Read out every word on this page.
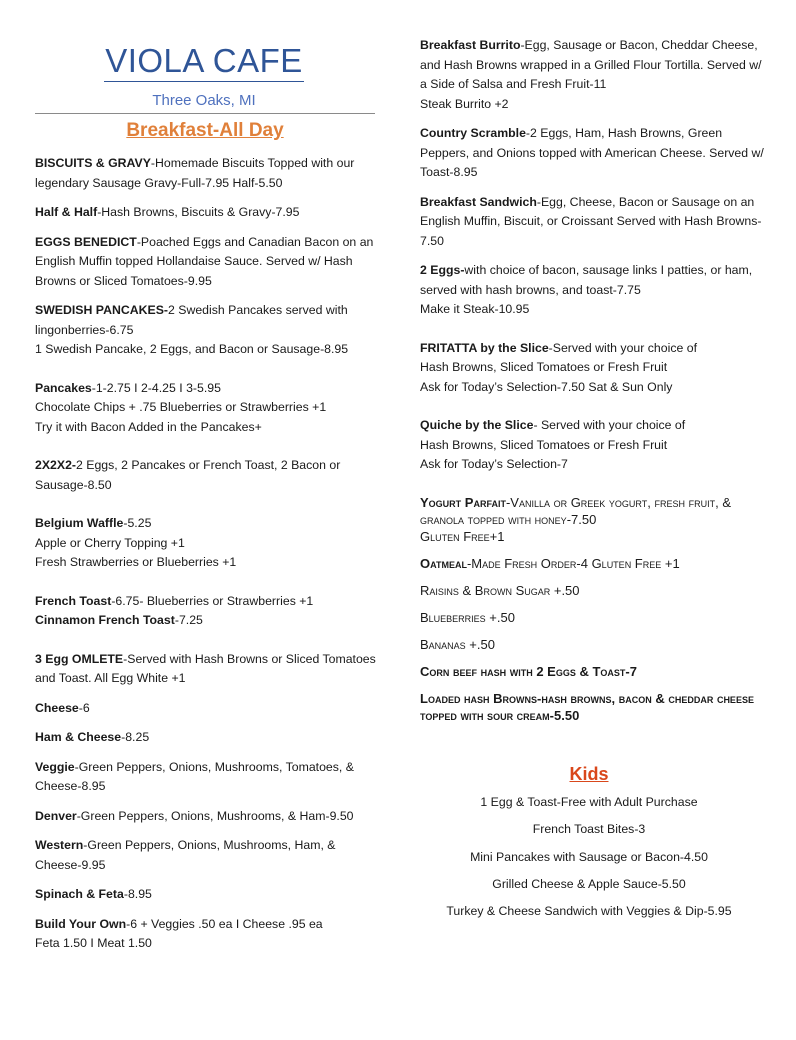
VIOLA CAFE
Three Oaks, MI
Breakfast-All Day
BISCUITS & GRAVY-Homemade Biscuits Topped with our legendary Sausage Gravy-Full-7.95 Half-5.50
Half & Half-Hash Browns, Biscuits & Gravy-7.95
EGGS BENEDICT-Poached Eggs and Canadian Bacon on an English Muffin topped Hollandaise Sauce. Served w/ Hash Browns or Sliced Tomatoes-9.95
SWEDISH PANCAKES-2 Swedish Pancakes served with lingonberries-6.75
1 Swedish Pancake, 2 Eggs, and Bacon or Sausage-8.95
Pancakes-1-2.75 I 2-4.25 I 3-5.95
Chocolate Chips + .75 Blueberries or Strawberries +1
Try it with Bacon Added in the Pancakes+
2X2X2-2 Eggs, 2 Pancakes or French Toast, 2 Bacon or Sausage-8.50
Belgium Waffle-5.25
Apple or Cherry Topping +1
Fresh Strawberries or Blueberries +1
French Toast-6.75- Blueberries or Strawberries +1
Cinnamon French Toast-7.25
3 Egg OMLETE-Served with Hash Browns or Sliced Tomatoes and Toast. All Egg White +1
Cheese-6
Ham & Cheese-8.25
Veggie-Green Peppers, Onions, Mushrooms, Tomatoes, & Cheese-8.95
Denver-Green Peppers, Onions, Mushrooms, & Ham-9.50
Western-Green Peppers, Onions, Mushrooms, Ham, & Cheese-9.95
Spinach & Feta-8.95
Build Your Own-6 + Veggies .50 ea I Cheese .95 ea
Feta 1.50 I Meat 1.50
Breakfast Burrito-Egg, Sausage or Bacon, Cheddar Cheese, and Hash Browns wrapped in a Grilled Flour Tortilla. Served w/ a Side of Salsa and Fresh Fruit-11
Steak Burrito +2
Country Scramble-2 Eggs, Ham, Hash Browns, Green Peppers, and Onions topped with American Cheese. Served w/ Toast-8.95
Breakfast Sandwich-Egg, Cheese, Bacon or Sausage on an English Muffin, Biscuit, or Croissant Served with Hash Browns-7.50
2 Eggs-with choice of bacon, sausage links I patties, or ham, served with hash browns, and toast-7.75
Make it Steak-10.95
FRITATTA by the Slice-Served with your choice of
Hash Browns, Sliced Tomatoes or Fresh Fruit
Ask for Today’s Selection-7.50 Sat & Sun Only
Quiche by the Slice- Served with your choice of
Hash Browns, Sliced Tomatoes or Fresh Fruit
Ask for Today’s Selection-7
Yogurt Parfait-Vanilla or Greek yogurt, fresh fruit, & granola topped with honey-7.50
Gluten Free+1
Oatmeal-Made Fresh Order-4 Gluten Free +1
Raisins & Brown Sugar +.50
Blueberries +.50
Bananas +.50
Corn beef hash with 2 Eggs & Toast-7
Loaded hash Browns-hash browns, bacon & cheddar cheese topped with sour cream-5.50
Kids
1 Egg & Toast-Free with Adult Purchase
French Toast Bites-3
Mini Pancakes with Sausage or Bacon-4.50
Grilled Cheese & Apple Sauce-5.50
Turkey & Cheese Sandwich with Veggies & Dip-5.95
